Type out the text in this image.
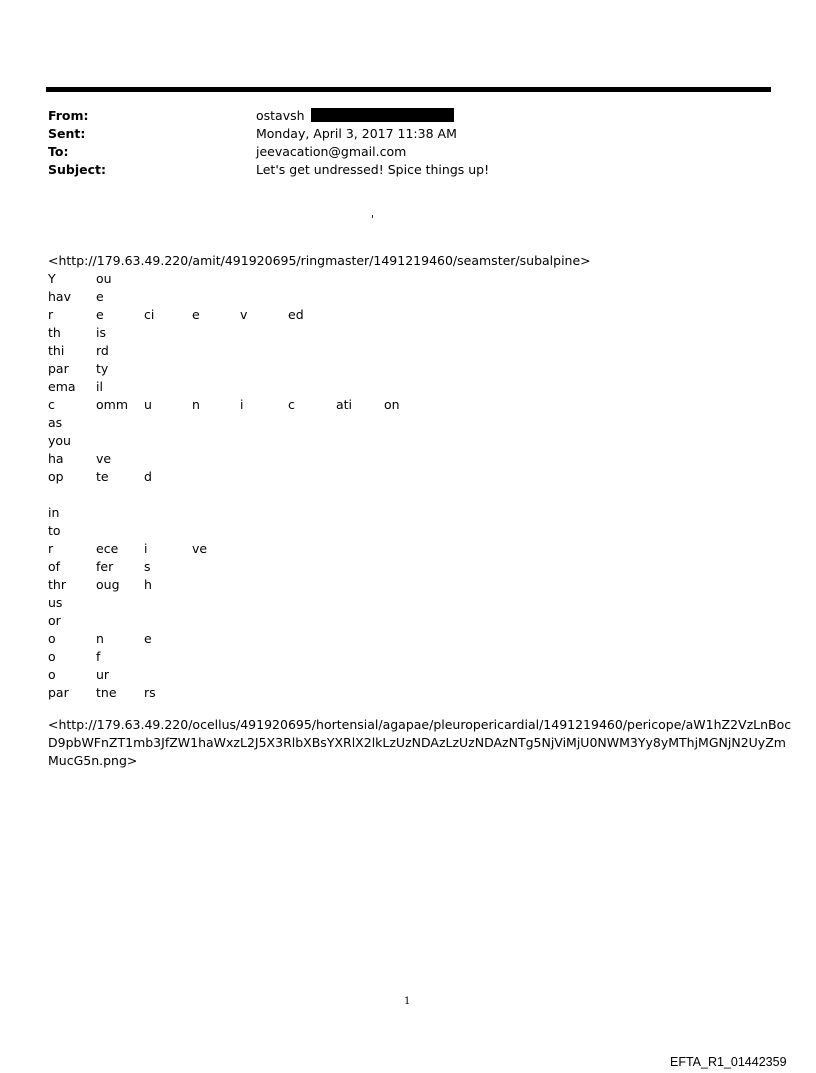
From:	ostavsh
Sent:	Monday, April 3, 2017 11:38 AM
To:	jeevacation@gmail.com
Subject:	Let's get undressed! Spice things up!
'
<http://179.63.49.220/amit/491920695/ringmaster/1491219460/seamster/subalpine>
Y	ou
hav e
r	e	ci	e	v	ed
th	is
thi	rd
par ty
ema il
c	omm u	n	i	c	ati	on
as
you
ha	ve
op	te	d
in
to
r	ece i	ve
of	fer s
thr oug h
us
or
o	n	e
o	f
o	ur
par tne rs
<http://179.63.49.220/ocellus/491920695/hortensial/agapae/pleuropericardial/1491219460/pericope/aW1hZ2VzLnBoc
D9pbWFnZT1mb3JfZW1haWxzL2J5X3RlbXBsYXRlX2lkLzUzNDAzLzUzNDAzNTg5NjViMjU0NWM3Yy8yMThjMGNjN2UyZm
MucG5n.png>
1
EFTA_R1_01442359
